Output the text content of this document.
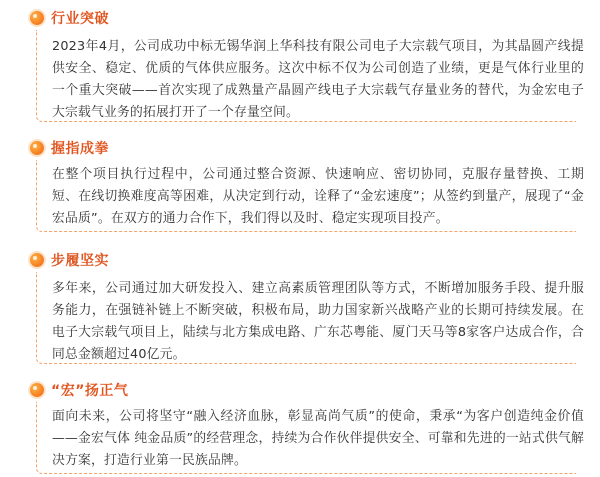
行业突破
2023年4月，公司成功中标无锡华润上华科技有限公司电子大宗载气项目，为其晶圆产线提供安全、稳定、优质的气体供应服务。这次中标不仅为公司创造了业绩，更是气体行业里的一个重大突破——首次实现了成熟量产晶圆产线电子大宗载气存量业务的替代，为金宏电子大宗载气业务的拓展打开了一个存量空间。
握指成拳
在整个项目执行过程中，公司通过整合资源、快速响应、密切协同，克服存量替换、工期短、在线切换难度高等困难，从决定到行动，诠释了“金宏速度”；从签约到量产，展现了“金宏品质”。在双方的通力合作下，我们得以及时、稳定实现项目投产。
步履坚实
多年来，公司通过加大研发投入、建立高素质管理团队等方式，不断增加服务手段、提升服务能力，在强链补链上不断突破，积极布局，助力国家新兴战略产业的长期可持续发展。在电子大宗载气项目上，陆续与北方集成电路、广东芯粤能、厦门天马等8家客户达成合作，合同总金额超过40亿元。
“宏”扬正气
面向未来，公司将坚守“融入经济血脉，彰显高尚气质”的使命，秉承“为客户创造纯金价值——金宏气体 纯金品质”的经营理念，持续为合作伙伴提供安全、可靠和先进的一站式供气解决方案，打造行业第一民族品牌。
